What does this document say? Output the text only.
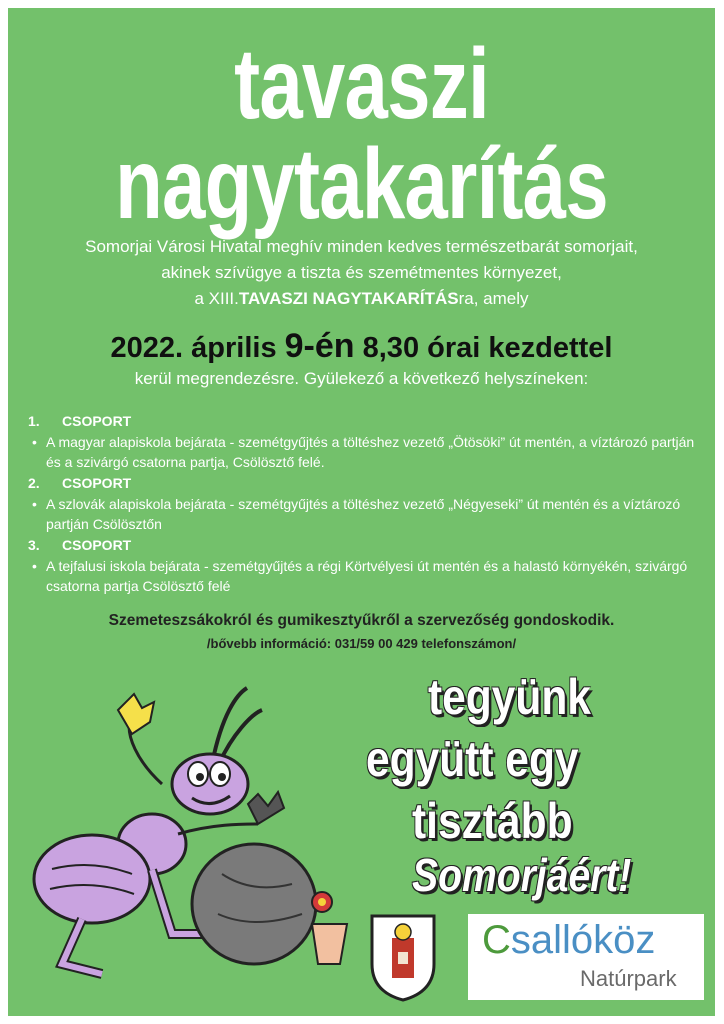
tavaszi
nagytakarítás
Somorjai Városi Hivatal meghív minden kedves természetbarát somorjait,
akinek szívügye a tiszta és szemétmentes környezet,
a XIII.TAVASZI NAGYTAKARÍTÁSra, amely
2022. április 9-én 8,30 órai kezdettel
kerül megrendezésre. Gyülekező a következő helyszíneken:
1. CSOPORT
• A magyar alapiskola bejárata - szemétgyűjtés a töltéshez vezető „Ötösöki” út mentén, a víztározó partján és a szivárgó csatorna partja, Csölösztő felé.
2. CSOPORT
• A szlovák alapiskola bejárata - szemétgyűjtés a töltéshez vezető „Négyeseki” út mentén és a víztározó partján Csölösztőn
3. CSOPORT
• A tejfalusi iskola bejárata - szemétgyűjtés a régi Körtvélyesi út mentén és a halastó környékén, szivárgó csatorna partja Csölösztő felé
Szemeteszsákokról és gumikesztyűkről a szervezőség gondoskodik.
/bővebb információ: 031/59 00 429 telefonszámon/
tegyünk
együtt egy
tisztább
Somorjáért!
Csallóköz
Natúrpark
